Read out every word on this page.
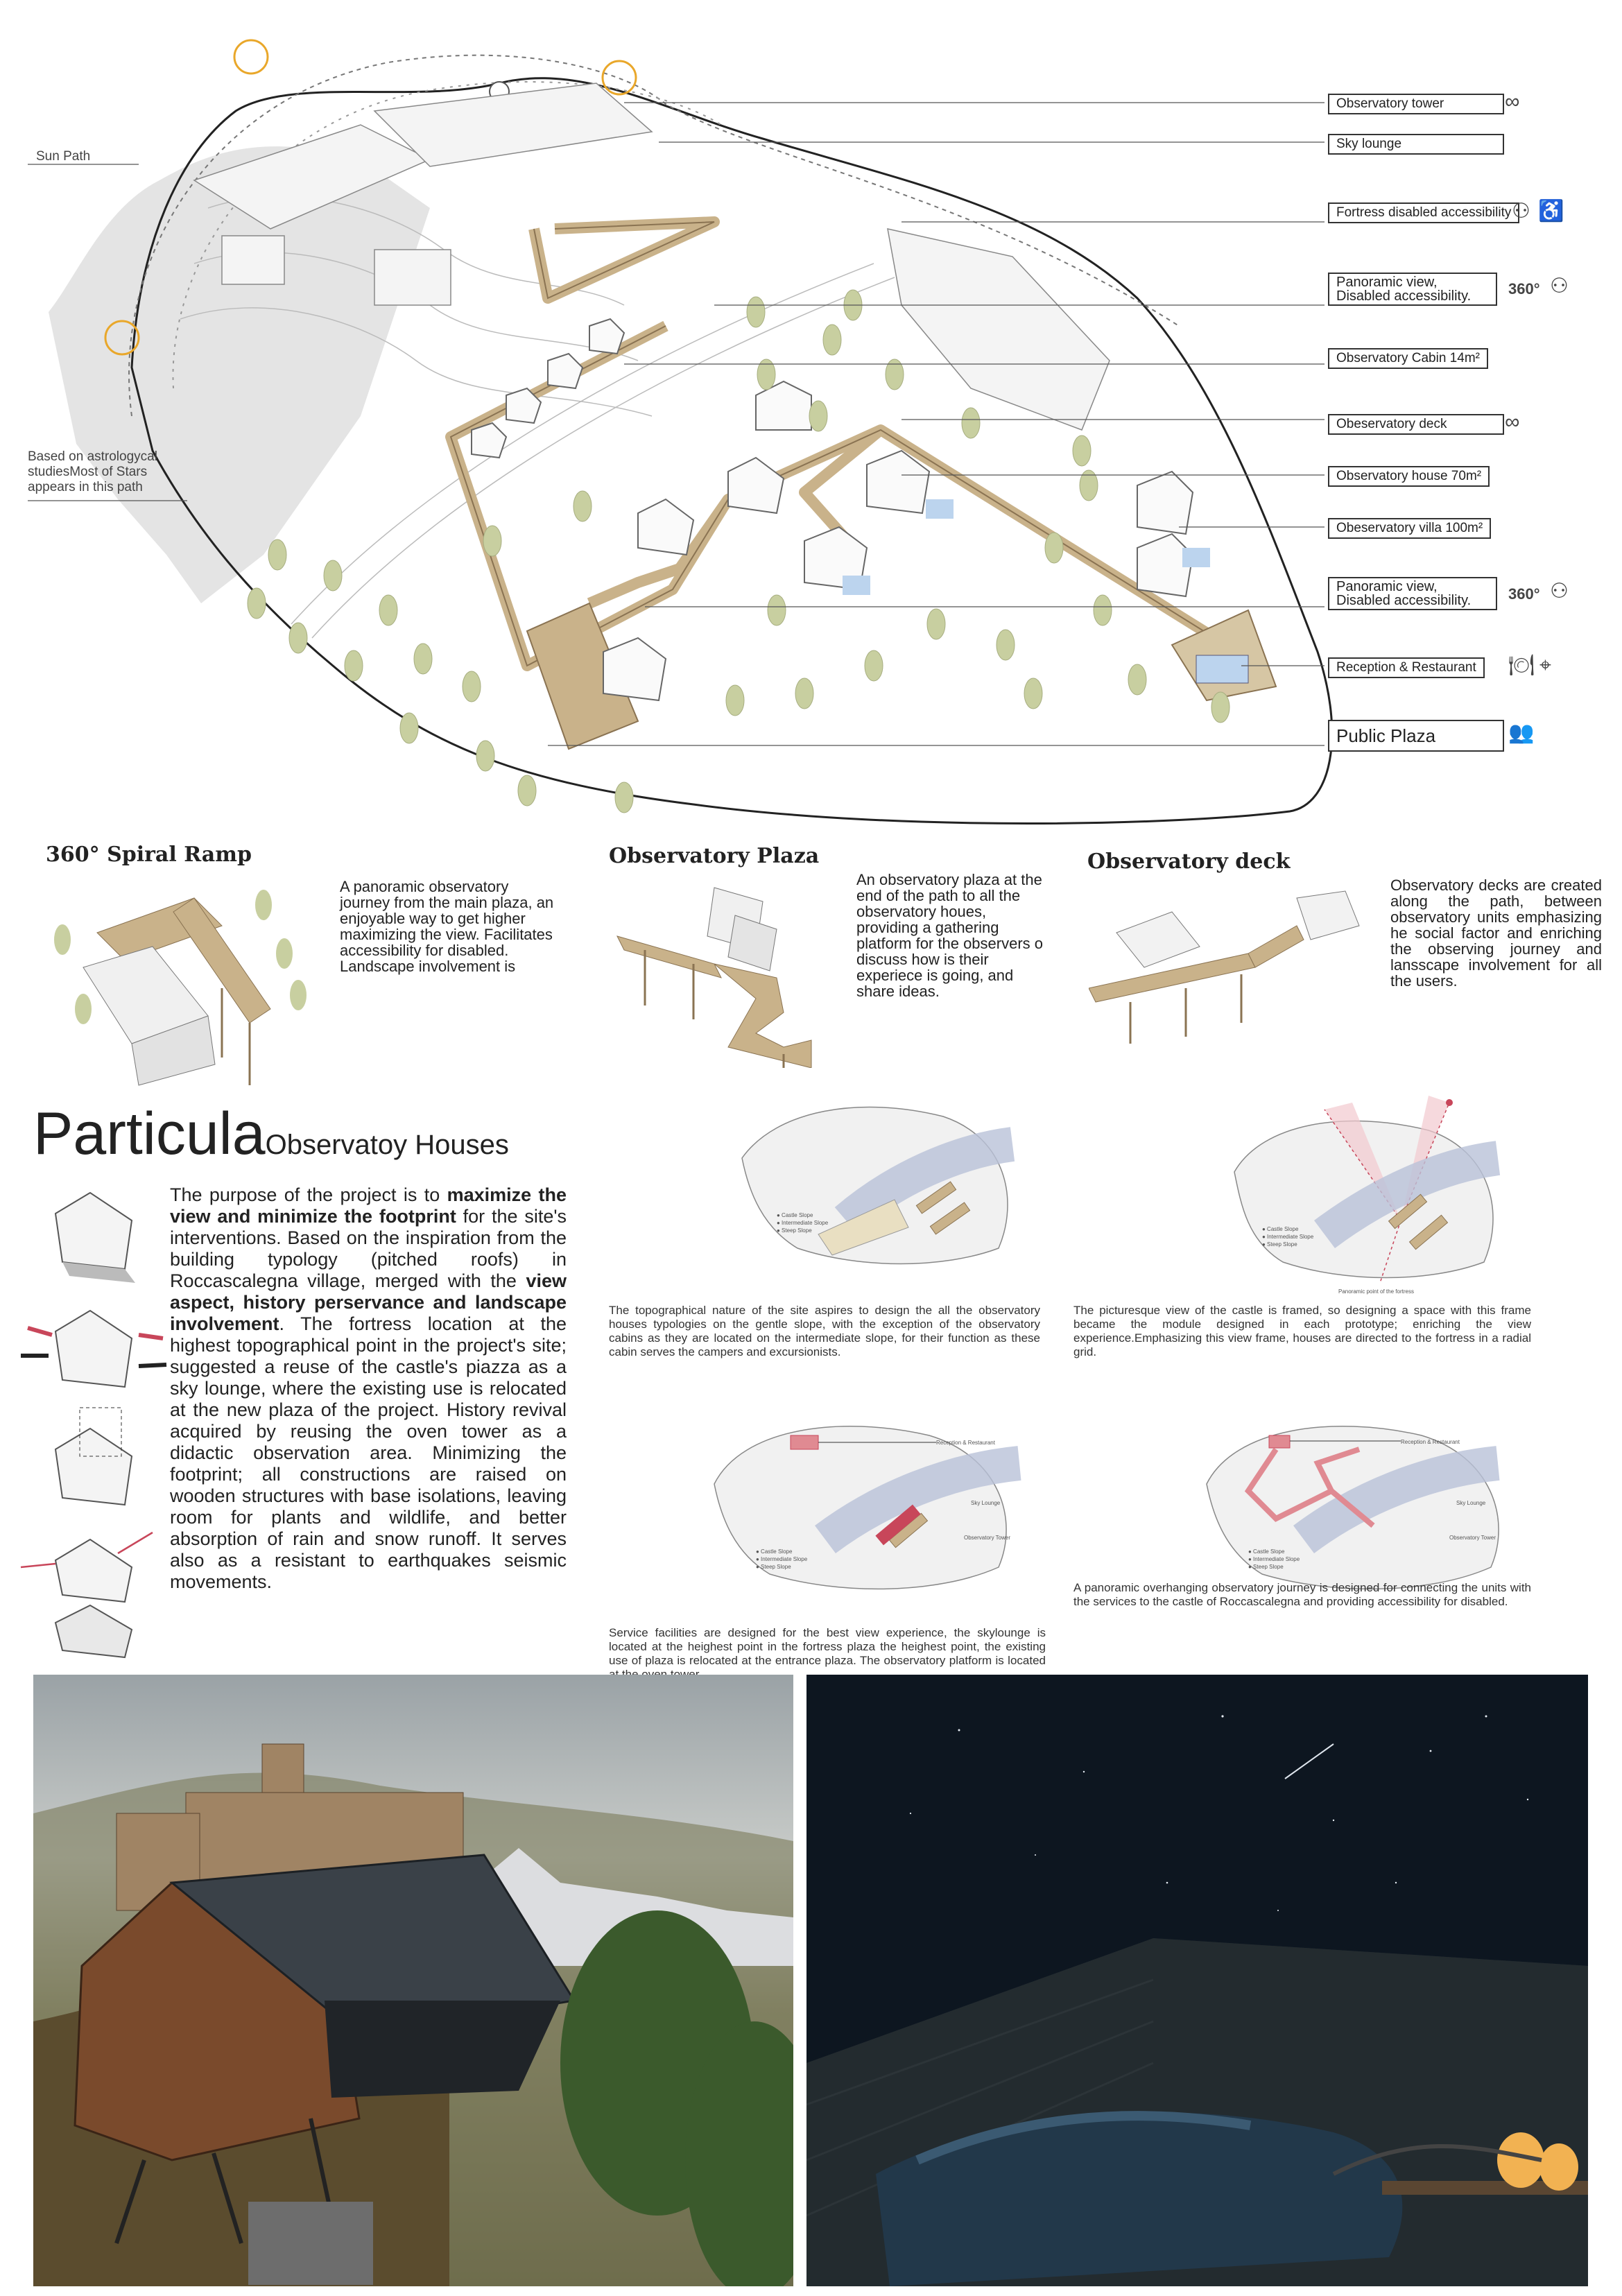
Sun Path
Based on astrologycal studiesMost of Stars appears in this path
Observatory tower	∞
Sky lounge
Fortress disabled accessibility ⚇ ♿
Panoramic view, Disabled accessibility.	360° ⚇
Observatory Cabin 14m²
Obeservatory deck	∞
Observatory house 70m²
Obeservatory villa 100m²
Panoramic view, Disabled accessibility.	360° ⚇
Reception & Restaurant	🍽 ⌖
Public Plaza	👥
360° Spiral Ramp
A panoramic observatory journey from the main plaza, an enjoyable way to get higher maximizing the view. Facilitates accessibility for disabled. Landscape involvement is
Observatory Plaza
An observatory plaza at the end of the path to all the observatory houes, providing a gathering platform for the observers o discuss how is their experiece is going, and share ideas.
Observatory deck
Observatory decks are created along the path, between observatory units emphasizing he social factor and enriching the observing journey and lansscape involvement for all the users.
ParticulaObservatoy Houses
The purpose of the project is to maximize the view and minimize the footprint for the site's interventions. Based on the inspiration from the building typology (pitched roofs) in Roccascalegna village, merged with the view aspect, history perservance and landscape involvement. The fortress location at the highest topographical point in the project's site; suggested a reuse of the castle's piazza as a sky lounge, where the existing use is relocated at the new plaza of the project. History revival acquired by reusing the oven tower as a didactic observation area. Minimizing the footprint; all constructions are raised on wooden structures with base isolations, leaving room for plants and wildlife, and better absorption of rain and snow runoff. It serves also as a resistant to earthquakes seismic movements.
● Castle Slope
● Intermediate Slope
● Steep Slope
The topographical nature of the site aspires to design the all the observatory houses typologies on the gentle slope, with the exception of the observatory cabins as they are located on the intermediate slope, for their function as these cabin serves the campers and excursionists.
● Castle Slope
● Intermediate Slope
● Steep Slope
Panoramic point of the fortress
The picturesque view of the castle is framed, so designing a space with this frame became the module designed in each prototype; enriching the view experience.Emphasizing this view frame, houses are directed to the fortress in a radial grid.
Reception & Restaurant
Sky Lounge
Observatory Tower
● Castle Slope
● Intermediate Slope
● Steep Slope
Service facilities are designed for the best view experience, the skylounge is located at the heighest point in the fortress plaza the heighest point, the existing use of plaza is relocated at the entrance plaza. The observatory platform is located
Reception & Restaurant
Sky Lounge
Observatory Tower
● Castle Slope
● Intermediate Slope
● Steep Slope
A panoramic overhanging observatory journey is designed for connecting the units with the services to the castle of Roccascalegna and providing accessibility for disabled.
